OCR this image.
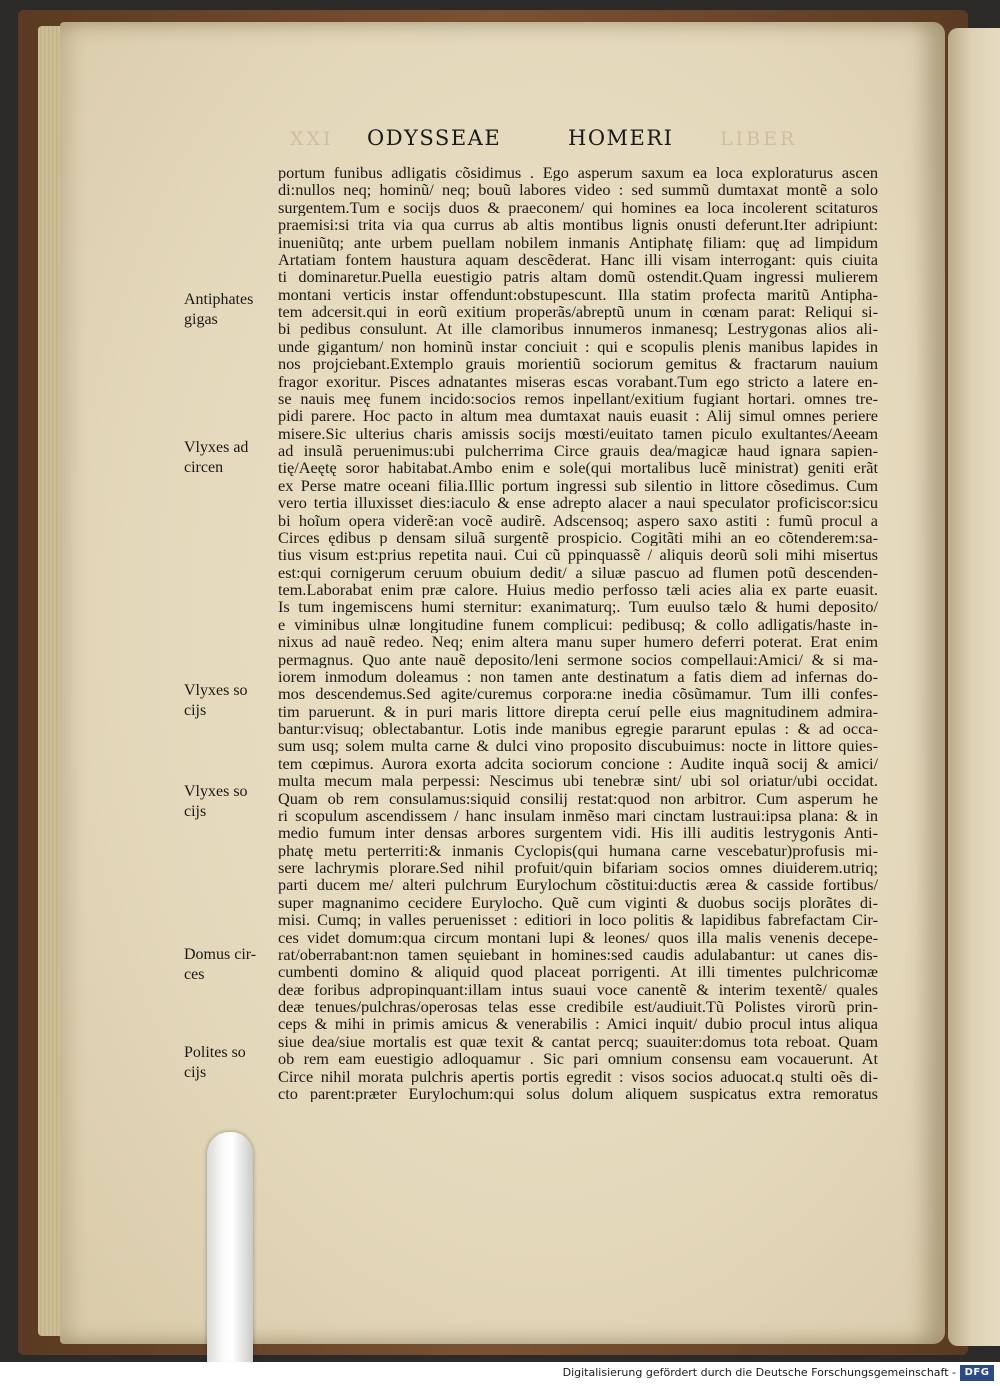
XXI	LIBER
ODYSSEAE	HOMERI
Antiphates
gigas
Vlyxes ad
circen
Vlyxes so
cijs
Vlyxes so
cijs
Domus cir-
ces
Polites so
cijs
portum funibus adligatis cõsidimus . Ego asperum saxum ea loca exploraturus ascen
di:nullos neq; hominũ/ neq; bouũ labores video : sed summũ dumtaxat montẽ a solo
surgentem.Tum e socijs duos & praeconem/ qui homines ea loca incolerent scitaturos
praemisi:si trita via qua currus ab altis montibus lignis onusti deferunt.Iter adripiunt:
inueniũtq; ante urbem puellam nobilem inmanis Antiphatę filiam: quę ad limpidum
Artatiam fontem haustura aquam descẽderat. Hanc illi visam interrogant: quis ciuita
ti dominaretur.Puella euestigio patris altam domũ ostendit.Quam ingressi mulierem
montani verticis instar offendunt:obstupescunt. Illa statim profecta maritũ Antipha-
tem adcersit.qui in eorũ exitium properãs/abreptũ unum in cœnam parat: Reliqui si-
bi pedibus consulunt. At ille clamoribus innumeros inmanesq; Lestrygonas alios ali-
unde gigantum/ non hominũ instar conciuit : qui e scopulis plenis manibus lapides in
nos projciebant.Extemplo grauis morientiũ sociorum gemitus & fractarum nauium
fragor exoritur. Pisces adnatantes miseras escas vorabant.Tum ego stricto a latere en-
se nauis meę funem incido:socios remos inpellant/exitium fugiant hortari. omnes tre-
pidi parere. Hoc pacto in altum mea dumtaxat nauis euasit : Alij simul omnes periere
misere.Sic ulterius charis amissis socijs mœsti/euitato tamen piculo exultantes/Aeeam
ad insulã peruenimus:ubi pulcherrima Circe grauis dea/magicæ haud ignara sapien-
tię/Aeętę soror habitabat.Ambo enim e sole(qui mortalibus lucẽ ministrat) geniti erãt
ex Perse matre oceani filia.Illic portum ingressi sub silentio in littore cõsedimus. Cum
vero tertia illuxisset dies:iaculo & ense adrepto alacer a naui speculator proficiscor:sicu
bi hoĩum opera viderẽ:an vocẽ audirẽ. Adscensoq; aspero saxo astiti : fumũ procul a
Circes ędibus p densam siluã surgentẽ prospicio. Cogitãti mihi an eo cõtenderem:sa-
tius visum est:prius repetita naui. Cui cũ ppinquassẽ / aliquis deorũ soli mihi misertus
est:qui cornigerum ceruum obuium dedit/ a siluæ pascuo ad flumen potũ descenden-
tem.Laborabat enim præ calore. Huius medio perfosso tæli acies alia ex parte euasit.
Is tum ingemiscens humi sternitur: exanimaturq;. Tum euulso tælo & humi deposito/
e viminibus ulnæ longitudine funem complicui: pedibusq; & collo adligatis/haste in-
nixus ad nauẽ redeo. Neq; enim altera manu super humero deferri poterat. Erat enim
permagnus. Quo ante nauẽ deposito/leni sermone socios compellaui:Amici/ & si ma-
iorem inmodum doleamus : non tamen ante destinatum a fatis diem ad infernas do-
mos descendemus.Sed agite/curemus corpora:ne inedia cõsũmamur. Tum illi confes-
tim paruerunt. & in puri maris littore direpta ceruí pelle eius magnitudinem admira-
bantur:visuq; oblectabantur. Lotis inde manibus egregie pararunt epulas : & ad occa-
sum usq; solem multa carne & dulci vino proposito discubuimus: nocte in littore quies-
tem cœpimus. Aurora exorta adcita sociorum concione : Audite inquã socij & amici/
multa mecum mala perpessi: Nescimus ubi tenebræ sint/ ubi sol oriatur/ubi occidat.
Quam ob rem consulamus:siquid consilij restat:quod non arbitror. Cum asperum he
ri scopulum ascendissem / hanc insulam inmẽso mari cinctam lustraui:ipsa plana: & in
medio fumum inter densas arbores surgentem vidi. His illi auditis lestrygonis Anti-
phatę metu perterriti:& inmanis Cyclopis(qui humana carne vescebatur)profusis mi-
sere lachrymis plorare.Sed nihil profuit/quin bifariam socios omnes diuiderem.utriq;
parti ducem me/ alteri pulchrum Eurylochum cõstitui:ductis ærea & casside fortibus/
super magnanimo cecidere Eurylocho. Quẽ cum viginti & duobus socijs plorãtes di-
misi. Cumq; in valles peruenisset : editiori in loco politis & lapidibus fabrefactam Cir-
ces videt domum:qua circum montani lupi & leones/ quos illa malis venenis decepe-
rat/oberrabant:non tamen sęuiebant in homines:sed caudis adulabantur: ut canes dis-
cumbenti domino & aliquid quod placeat porrigenti. At illi timentes pulchricomæ
deæ foribus adpropinquant:illam intus suaui voce canentẽ & interim texentẽ/ quales
deæ tenues/pulchras/operosas telas esse credibile est/audiuit.Tũ Polistes virorũ prin-
ceps & mihi in primis amicus & venerabilis : Amici inquit/ dubio procul intus aliqua
siue dea/siue mortalis est quæ texit & cantat percq; suauiter:domus tota reboat. Quam
ob rem eam euestigio adloquamur . Sic pari omnium consensu eam vocauerunt. At
Circe nihil morata pulchris apertis portis egredit : visos socios aduocat.q stulti oẽs di-
cto parent:prӕter Eurylochum:qui solus dolum aliquem suspicatus extra remoratus
Digitalisierung gefördert durch die Deutsche Forschungsgemeinschaft - DFG
